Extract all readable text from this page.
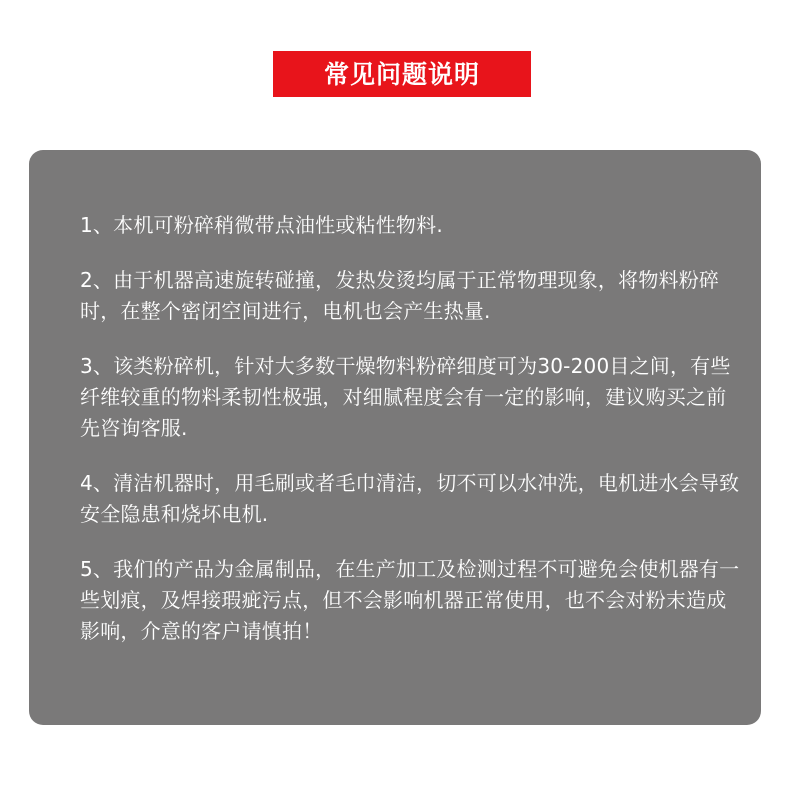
常见问题说明
1、本机可粉碎稍微带点油性或粘性物料.
2、由于机器高速旋转碰撞，发热发烫均属于正常物理现象，将物料粉碎时，在整个密闭空间进行，电机也会产生热量.
3、该类粉碎机，针对大多数干燥物料粉碎细度可为30-200目之间，有些纤维较重的物料柔韧性极强，对细腻程度会有一定的影响，建议购买之前先咨询客服.
4、清洁机器时，用毛刷或者毛巾清洁，切不可以水冲洗，电机进水会导致安全隐患和烧坏电机.
5、我们的产品为金属制品，在生产加工及检测过程不可避免会使机器有一些划痕，及焊接瑕疵污点，但不会影响机器正常使用，也不会对粉末造成影响，介意的客户请慎拍！
